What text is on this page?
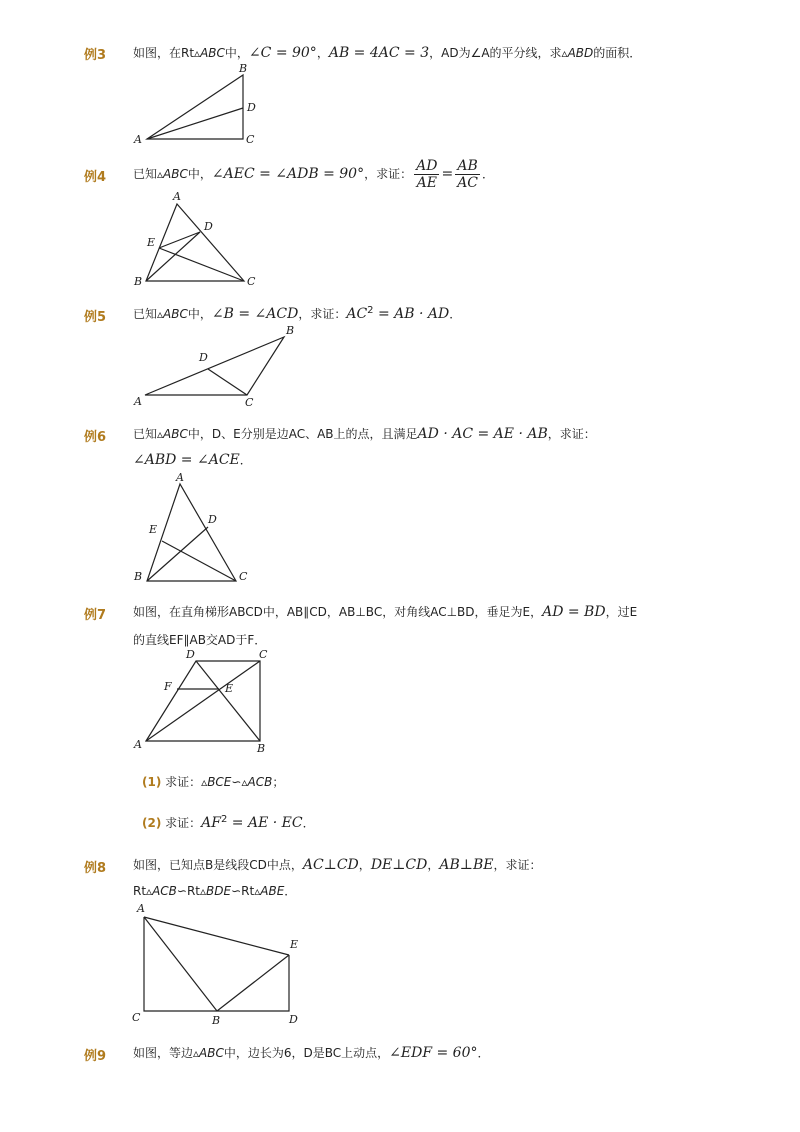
例3 如图，在Rt▵ABC中，∠C = 90°，AB = 4AC = 3，AD为∠A的平分线，求▵ABD的面积．
A
B
C
D
例4 已知▵ABC中，∠AEC = ∠ADB = 90°，求证： $\frac{AD}{AE} = \frac{AB}{AC}$ ．
A
B	C
D
E
例5 已知▵ABC中，∠B = ∠ACD，求证：$AC^2$ = AB · AD．
A
B
C
D
例6 已知▵ABC中，D、E分别是边AC、AB上的点，且满足AD · AC = AE · AB，求证：
∠ABD = ∠ACE．
A
B	C
D
E
例7 如图，在直角梯形ABCD中，AB∥CD，AB⊥BC，对角线AC⊥BD，垂足为E，AD = BD，过E
的直线EF∥AB交AD于F．
A	B
C
D
E
F
(1) 求证：▵BCE∽▵ACB；
(2) 求证：$AF^2$ = AE · EC．
例8 如图，已知点B是线段CD中点，AC⊥CD，DE⊥CD，AB⊥BE，求证：
Rt▵ACB∽Rt▵BDE∽Rt▵ABE．
A
B
C	D
E
例9 如图，等边▵ABC中，边长为6，D是BC上动点，∠EDF = 60°．
